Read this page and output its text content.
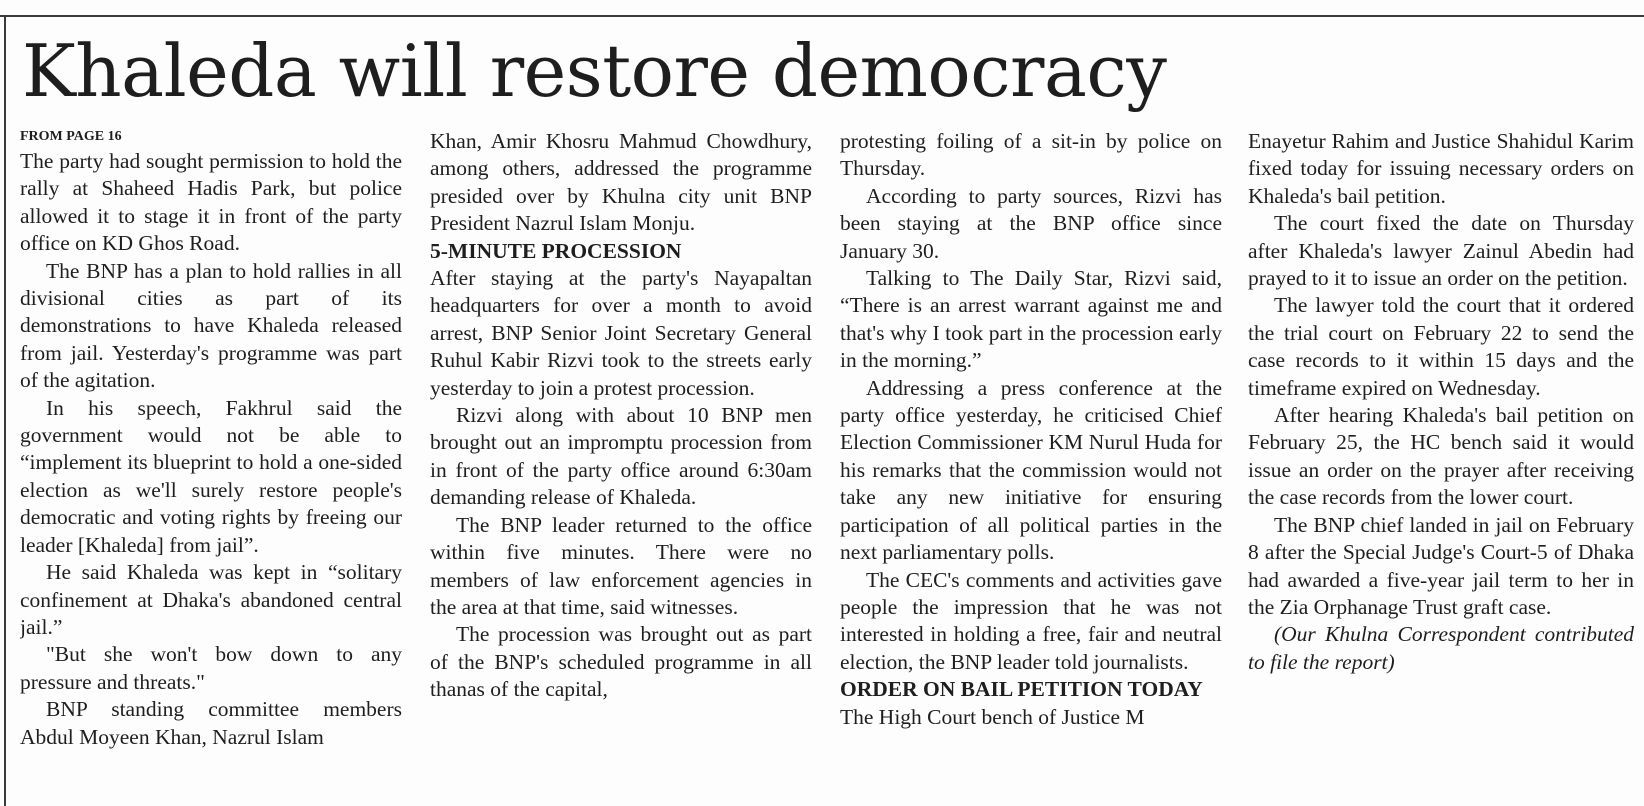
Khaleda will restore democracy
FROM PAGE 16

The party had sought permission to hold the rally at Shaheed Hadis Park, but police allowed it to stage it in front of the party office on KD Ghos Road.

The BNP has a plan to hold rallies in all divisional cities as part of its demonstrations to have Khaleda released from jail. Yesterday's programme was part of the agitation.

In his speech, Fakhrul said the government would not be able to “implement its blueprint to hold a one-sided election as we'll surely restore people's democratic and voting rights by freeing our leader [Khaleda] from jail”.

He said Khaleda was kept in “solitary confinement at Dhaka's abandoned central jail.”

"But she won't bow down to any pressure and threats."

BNP standing committee members Abdul Moyeen Khan, Nazrul Islam

Khan, Amir Khosru Mahmud Chowdhury, among others, addressed the programme presided over by Khulna city unit BNP President Nazrul Islam Monju.

5-MINUTE PROCESSION

After staying at the party's Nayapaltan headquarters for over a month to avoid arrest, BNP Senior Joint Secretary General Ruhul Kabir Rizvi took to the streets early yesterday to join a protest procession.

Rizvi along with about 10 BNP men brought out an impromptu procession from in front of the party office around 6:30am demanding release of Khaleda.

The BNP leader returned to the office within five minutes. There were no members of law enforcement agencies in the area at that time, said witnesses.

The procession was brought out as part of the BNP's scheduled programme in all thanas of the capital,

protesting foiling of a sit-in by police on Thursday.

According to party sources, Rizvi has been staying at the BNP office since January 30.

Talking to The Daily Star, Rizvi said, “There is an arrest warrant against me and that's why I took part in the procession early in the morning.”

Addressing a press conference at the party office yesterday, he criticised Chief Election Commissioner KM Nurul Huda for his remarks that the commission would not take any new initiative for ensuring participation of all political parties in the next parliamentary polls.

The CEC's comments and activities gave people the impression that he was not interested in holding a free, fair and neutral election, the BNP leader told journalists.

ORDER ON BAIL PETITION TODAY

The High Court bench of Justice M

Enayetur Rahim and Justice Shahidul Karim fixed today for issuing necessary orders on Khaleda's bail petition.

The court fixed the date on Thursday after Khaleda's lawyer Zainul Abedin had prayed to it to issue an order on the petition.

The lawyer told the court that it ordered the trial court on February 22 to send the case records to it within 15 days and the timeframe expired on Wednesday.

After hearing Khaleda's bail petition on February 25, the HC bench said it would issue an order on the prayer after receiving the case records from the lower court.

The BNP chief landed in jail on February 8 after the Special Judge's Court-5 of Dhaka had awarded a five-year jail term to her in the Zia Orphanage Trust graft case.

(Our Khulna Correspondent contributed to file the report)
